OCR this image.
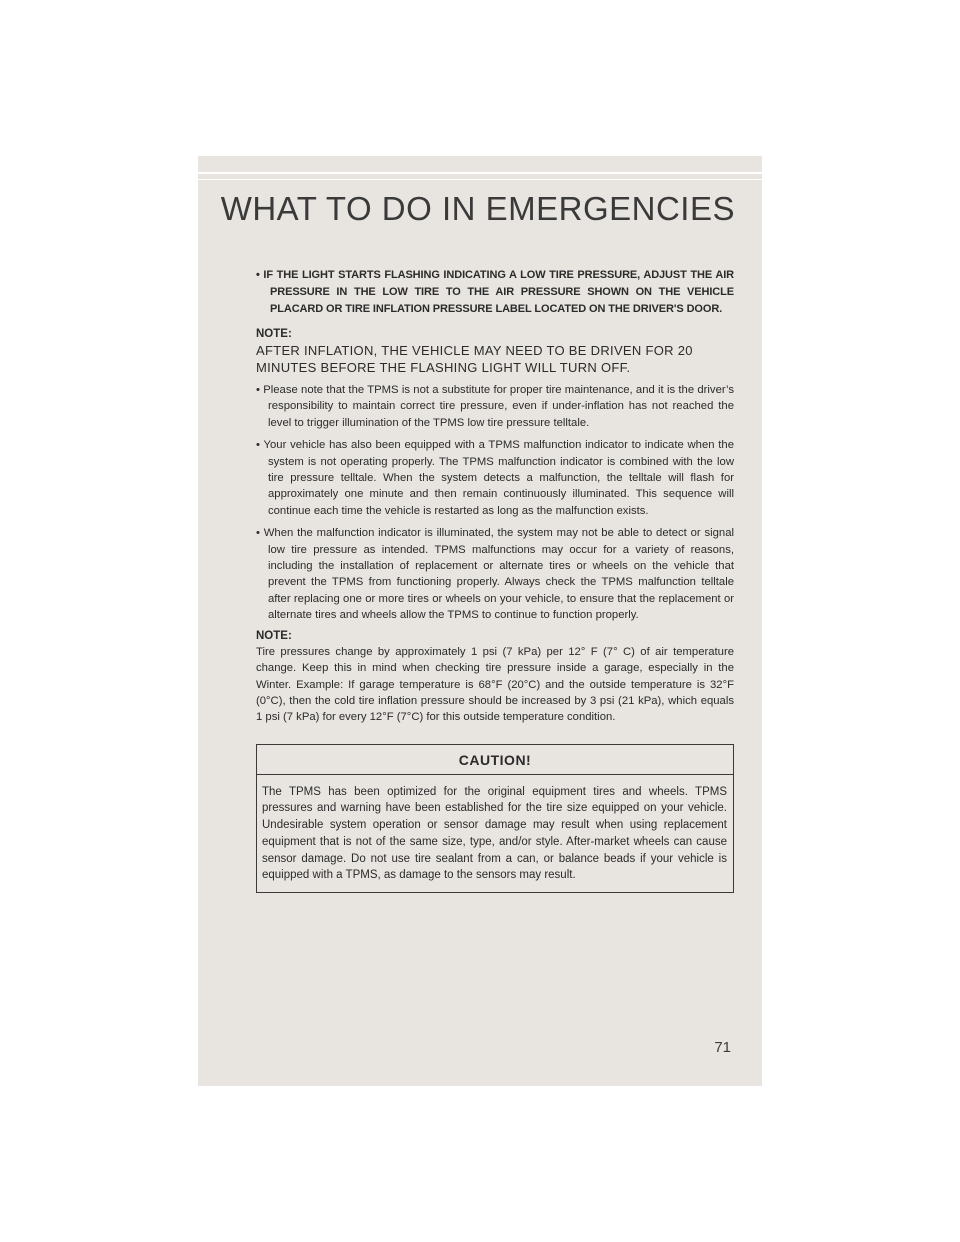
WHAT TO DO IN EMERGENCIES

• IF THE LIGHT STARTS FLASHING INDICATING A LOW TIRE PRESSURE, ADJUST THE AIR PRESSURE IN THE LOW TIRE TO THE AIR PRESSURE SHOWN ON THE VEHICLE PLACARD OR TIRE INFLATION PRESSURE LABEL LOCATED ON THE DRIVER'S DOOR.

NOTE:

AFTER INFLATION, THE VEHICLE MAY NEED TO BE DRIVEN FOR 20 MINUTES BEFORE THE FLASHING LIGHT WILL TURN OFF.

• Please note that the TPMS is not a substitute for proper tire maintenance, and it is the driver’s responsibility to maintain correct tire pressure, even if under-inflation has not reached the level to trigger illumination of the TPMS low tire pressure telltale.

• Your vehicle has also been equipped with a TPMS malfunction indicator to indicate when the system is not operating properly. The TPMS malfunction indicator is combined with the low tire pressure telltale. When the system detects a malfunction, the telltale will flash for approximately one minute and then remain continuously illuminated. This sequence will continue each time the vehicle is restarted as long as the malfunction exists.

• When the malfunction indicator is illuminated, the system may not be able to detect or signal low tire pressure as intended. TPMS malfunctions may occur for a variety of reasons, including the installation of replacement or alternate tires or wheels on the vehicle that prevent the TPMS from functioning properly. Always check the TPMS malfunction telltale after replacing one or more tires or wheels on your vehicle, to ensure that the replacement or alternate tires and wheels allow the TPMS to continue to function properly.

NOTE:

Tire pressures change by approximately 1 psi (7 kPa) per 12° F (7° C) of air temperature change. Keep this in mind when checking tire pressure inside a garage, especially in the Winter. Example: If garage temperature is 68°F (20°C) and the outside temperature is 32°F (0°C), then the cold tire inflation pressure should be increased by 3 psi (21 kPa), which equals 1 psi (7 kPa) for every 12°F (7°C) for this outside temperature condition.

CAUTION!
The TPMS has been optimized for the original equipment tires and wheels. TPMS pressures and warning have been established for the tire size equipped on your vehicle. Undesirable system operation or sensor damage may result when using replacement equipment that is not of the same size, type, and/or style. After-market wheels can cause sensor damage. Do not use tire sealant from a can, or balance beads if your vehicle is equipped with a TPMS, as damage to the sensors may result.
71
